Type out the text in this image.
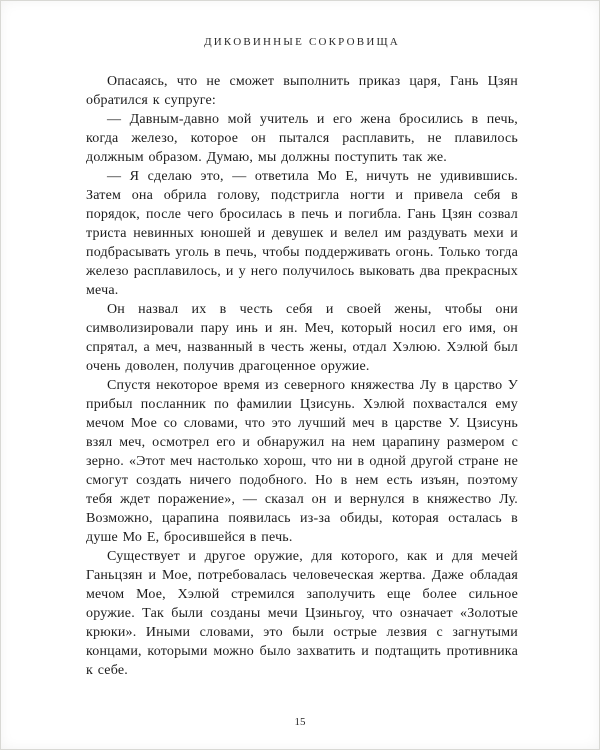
ДИКОВИННЫЕ СОКРОВИЩА

Опасаясь, что не сможет выполнить приказ царя, Гань Цзян обратился к супруге:

— Давным-давно мой учитель и его жена бросились в печь, когда железо, которое он пытался расплавить, не плавилось должным образом. Думаю, мы должны поступить так же.

— Я сделаю это, — ответила Мо Е, ничуть не удивившись. Затем она обрила голову, подстригла ногти и привела себя в порядок, после чего бросилась в печь и погибла. Гань Цзян созвал триста невинных юношей и девушек и велел им раздувать мехи и подбрасывать уголь в печь, чтобы поддерживать огонь. Только тогда железо расплавилось, и у него получилось выковать два прекрасных меча.

Он назвал их в честь себя и своей жены, чтобы они символизировали пару инь и ян. Меч, который носил его имя, он спрятал, а меч, названный в честь жены, отдал Хэлюю. Хэлюй был очень доволен, получив драгоценное оружие.

Спустя некоторое время из северного княжества Лу в царство У прибыл посланник по фамилии Цзисунь. Хэлюй похвастался ему мечом Мое со словами, что это лучший меч в царстве У. Цзисунь взял меч, осмотрел его и обнаружил на нем царапину размером с зерно. «Этот меч настолько хорош, что ни в одной другой стране не смогут создать ничего подобного. Но в нем есть изъян, поэтому тебя ждет поражение», — сказал он и вернулся в княжество Лу. Возможно, царапина появилась из-за обиды, которая осталась в душе Мо Е, бросившейся в печь.

Существует и другое оружие, для которого, как и для мечей Ганьцзян и Мое, потребовалась человеческая жертва. Даже обладая мечом Мое, Хэлюй стремился заполучить еще более сильное оружие. Так были созданы мечи Цзиньгоу, что означает «Золотые крюки». Иными словами, это были острые лезвия с загнутыми концами, которыми можно было захватить и подтащить противника к себе.

15
